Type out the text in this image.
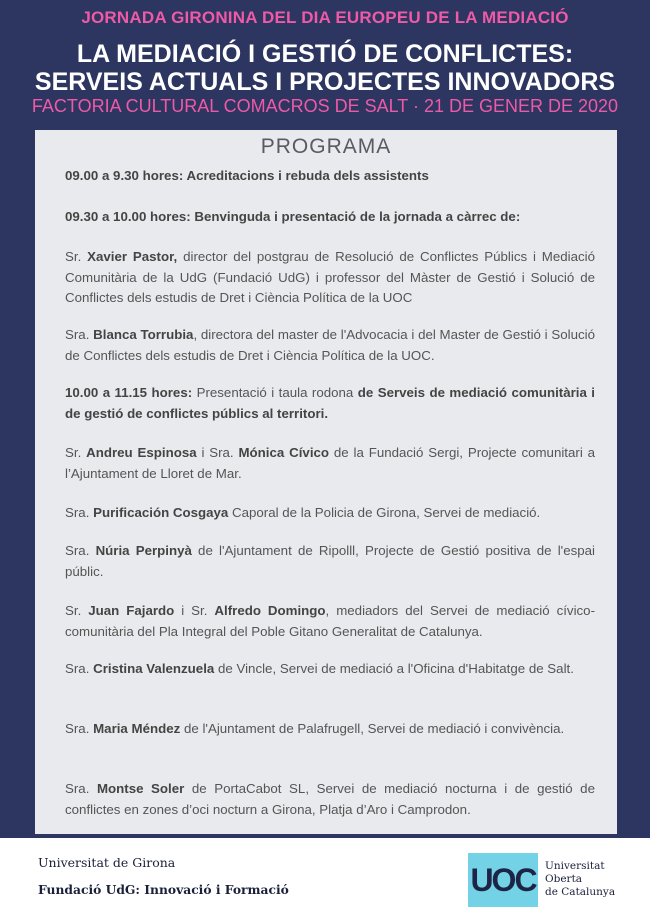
JORNADA GIRONINA DEL DIA EUROPEU DE LA MEDIACIÓ
LA MEDIACIÓ I GESTIÓ DE CONFLICTES:
SERVEIS ACTUALS I PROJECTES INNOVADORS
FACTORIA CULTURAL COMACROS DE SALT · 21 DE GENER DE 2020
PROGRAMA

09.00 a 9.30 hores: Acreditacions i rebuda dels assistents

09.30 a 10.00 hores: Benvinguda i presentació de la jornada a càrrec de:

Sr. Xavier Pastor, director del postgrau de Resolució de Conflictes Públics i Mediació Comunitària de la UdG (Fundació UdG) i professor del Màster de Gestió i Solució de Conflictes dels estudis de Dret i Ciència Política de la UOC

Sra. Blanca Torrubia, directora del master de l'Advocacia i del Master de Gestió i Solució de Conflictes dels estudis de Dret i Ciència Política de la UOC.

10.00 a 11.15 hores: Presentació i taula rodona de Serveis de mediació comunitària i de gestió de conflictes públics al territori.

Sr. Andreu Espinosa i Sra. Mónica Cívico de la Fundació Sergi, Projecte comunitari a l’Ajuntament de Lloret de Mar.

Sra. Purificación Cosgaya Caporal de la Policia de Girona, Servei de mediació.

Sra. Núria Perpinyà de l'Ajuntament de Ripolll, Projecte de Gestió positiva de l'espai públic.

Sr. Juan Fajardo i Sr. Alfredo Domingo, mediadors del Servei de mediació cívico-comunitària del Pla Integral del Poble Gitano Generalitat de Catalunya.

Sra. Cristina Valenzuela de Vincle, Servei de mediació a l'Oficina d'Habitatge de Salt.

Sra. Maria Méndez de l'Ajuntament de Palafrugell, Servei de mediació i convivència.

Sra. Montse Soler de PortaCabot SL, Servei de mediació nocturna i de gestió de conflictes en zones d’oci nocturn a Girona, Platja d’Aro i Camprodon.

Universitat de Girona
Fundació UdG: Innovació i Formació	UOC Universitat
Oberta
de Catalunya
